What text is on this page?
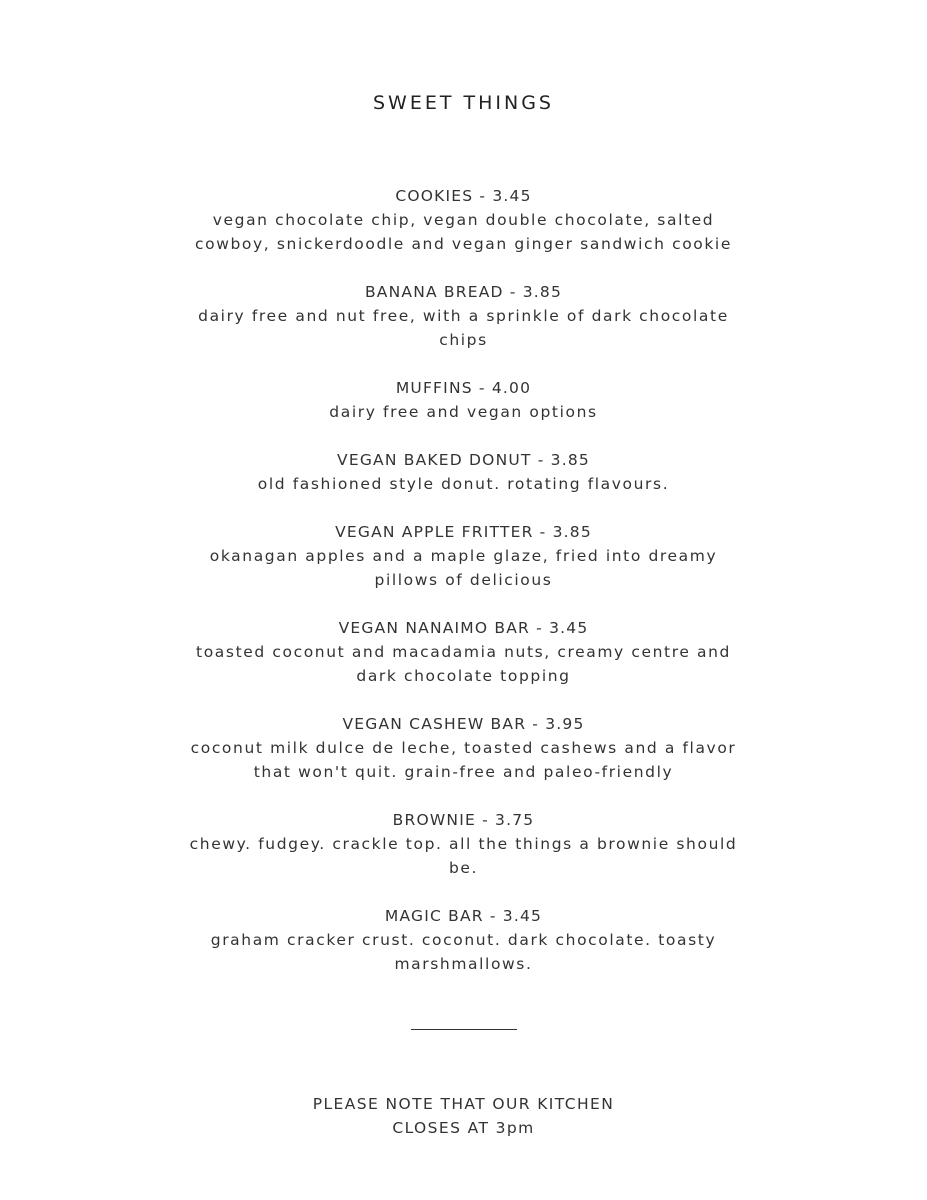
SWEET THINGS

COOKIES - 3.45

vegan chocolate chip, vegan double chocolate, salted cowboy, snickerdoodle and vegan ginger sandwich cookie

BANANA BREAD - 3.85

dairy free and nut free, with a sprinkle of dark chocolate chips

MUFFINS - 4.00

dairy free and vegan options

VEGAN BAKED DONUT - 3.85

old fashioned style donut. rotating flavours.

VEGAN APPLE FRITTER - 3.85

okanagan apples and a maple glaze, fried into dreamy pillows of delicious

VEGAN NANAIMO BAR - 3.45

toasted coconut and macadamia nuts, creamy centre and dark chocolate topping

VEGAN CASHEW BAR - 3.95

coconut milk dulce de leche, toasted cashews and a flavor that won't quit. grain-free and paleo-friendly

BROWNIE - 3.75

chewy. fudgey. crackle top. all the things a brownie should be.

MAGIC BAR - 3.45

graham cracker crust. coconut. dark chocolate. toasty marshmallows.

PLEASE NOTE THAT OUR KITCHEN
CLOSES AT 3pm
